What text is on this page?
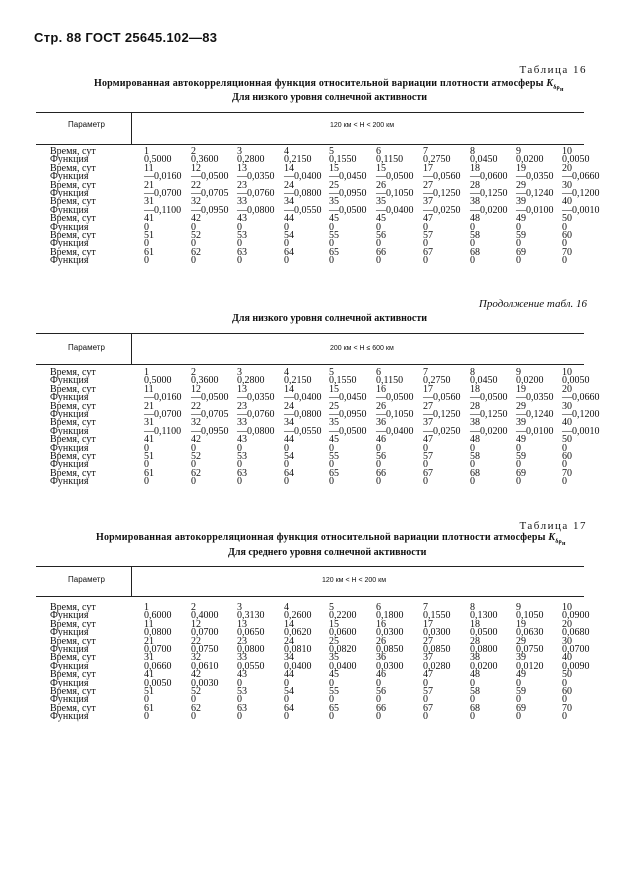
Стр. 88 ГОСТ 25645.102—83
Таблица 16
Нормированная автокорреляционная функция относительной вариации плотности атмосферы $K_{\delta\rho_н}$
Для низкого уровня солнечной активности
Параметр	120 км < H < 200 км
Время, сут	1	2	3	4	5	6	7	8	9	10
Функция	0,5000 0,3600 0,2800 0,2150 0,1550 0,1150 0,2750 0,0450 0,0200 0,0050
Время, сут	11	12	13	14	15	15	17	18	19	20
Функция	—0,0160 —0,0500 —0,0350 —0,0400 —0,0450 —0,0500 —0,0560 —0,0600 —0,0350 —0,0660
Время, сут	21	22	23	24	25	26	27	28	29	30
Функция	—0,0700 —0,0705 —0,0760 —0,0800 —0,0950 —0,1050 —0,1250 —0,1250 —0,1240 —0,1200
Время, сут	31	32	33	34	35	35	37	38	39	40
Функция	—0,1100 —0,0950 —0,0800 —0,0550 —0,0500 —0,0400 —0,0250 —0,0200 —0,0100 —0,0010
Время, сут	41	42	43	44	45	45	47	48	49	50
Функция	0	0	0	0	0	0	0	0	0	0
Время, сут	51	52	53	54	55	56	57	58	59	60
Функция	0	0	0	0	0	0	0	0	0	0
Время, сут	61	62	63	64	65	66	67	68	69	70
Функция	0	0	0	0	0	0	0	0	0	0
Продолжение табл. 16
Для низкого уровня солнечной активности
Параметр	200 км < H ≤ 600 км
Время, сут	1	2	3	4	5	6	7	8	9	10
Функция	0,5000 0,3600 0,2800 0,2150 0,1550 0,1150 0,2750 0,0450 0,0200 0,0050
Время, сут	11	12	13	14	15	16	17	18	19	20
Функция	—0,0160 —0,0500 —0,0350 —0,0400 —0,0450 —0,0500 —0,0560 —0,0500 —0,0350 —0,0660
Время, сут	21	22	23	24	25	26	27	28	29	30
Функция	—0,0700 —0,0705 —0,0760 —0,0800 —0,0950 —0,1050 —0,1250 —0,1250 —0,1240 —0,1200
Время, сут	31	32	33	34	35	36	37	38	39	40
Функция	—0,1100 —0,0950 —0,0800 —0,0550 —0,0500 —0,0400 —0,0250 —0,0200 —0,0100 —0,0010
Время, сут	41	42	43	44	45	46	47	48	49	50
Функция	0	0	0	0	0	0	0	0	0	0
Время, сут	51	52	53	54	55	56	57	58	59	60
Функция	0	0	0	0	0	0	0	0	0	0
Время, сут	61	62	63	64	65	66	67	68	69	70
Функция	0	0	0	0	0	0	0	0	0	0
Таблица 17
Нормированная автокорреляционная функция относительной вариации плотности атмосферы $K_{\delta\rho_н}$
Для среднего уровня солнечной активности
Параметр	120 км < H < 200 км
Время, сут	1	2	3	4	5	6	7	8	9	10
Функция	0,6000 0,4000 0,3130 0,2600 0,2200 0,1800 0,1550 0,1300 0,1050 0,0900
Время, сут	11	12	13	14	15	16	17	18	19	20
Функция	0,0800 0,0700 0,0650 0,0620 0,0600 0,0300 0,0300 0,0500 0,0630 0,0680
Время, сут	21	22	23	24	25	26	27	28	29	30
Функция	0,0700 0,0750 0,0800 0,0810 0,0820 0,0850 0,0850 0,0800 0,0750 0,0700
Время, сут	31	32	33	34	35	36	37	38	39	40
Функция	0,0660 0,0610 0,0550 0,0400 0,0400 0,0300 0,0280 0,0200 0,0120 0,0090
Время, сут	41	42	43	44	45	46	47	48	49	50
Функция	0,0050 0,0030 0	0	0	0	0	0	0	0
Время, сут	51	52	53	54	55	56	57	58	59	60
Функция	0	0	0	0	0	0	0	0	0	0
Время, сут	61	62	63	64	65	66	67	68	69	70
Функция	0	0	0	0	0	0	0	0	0	0
